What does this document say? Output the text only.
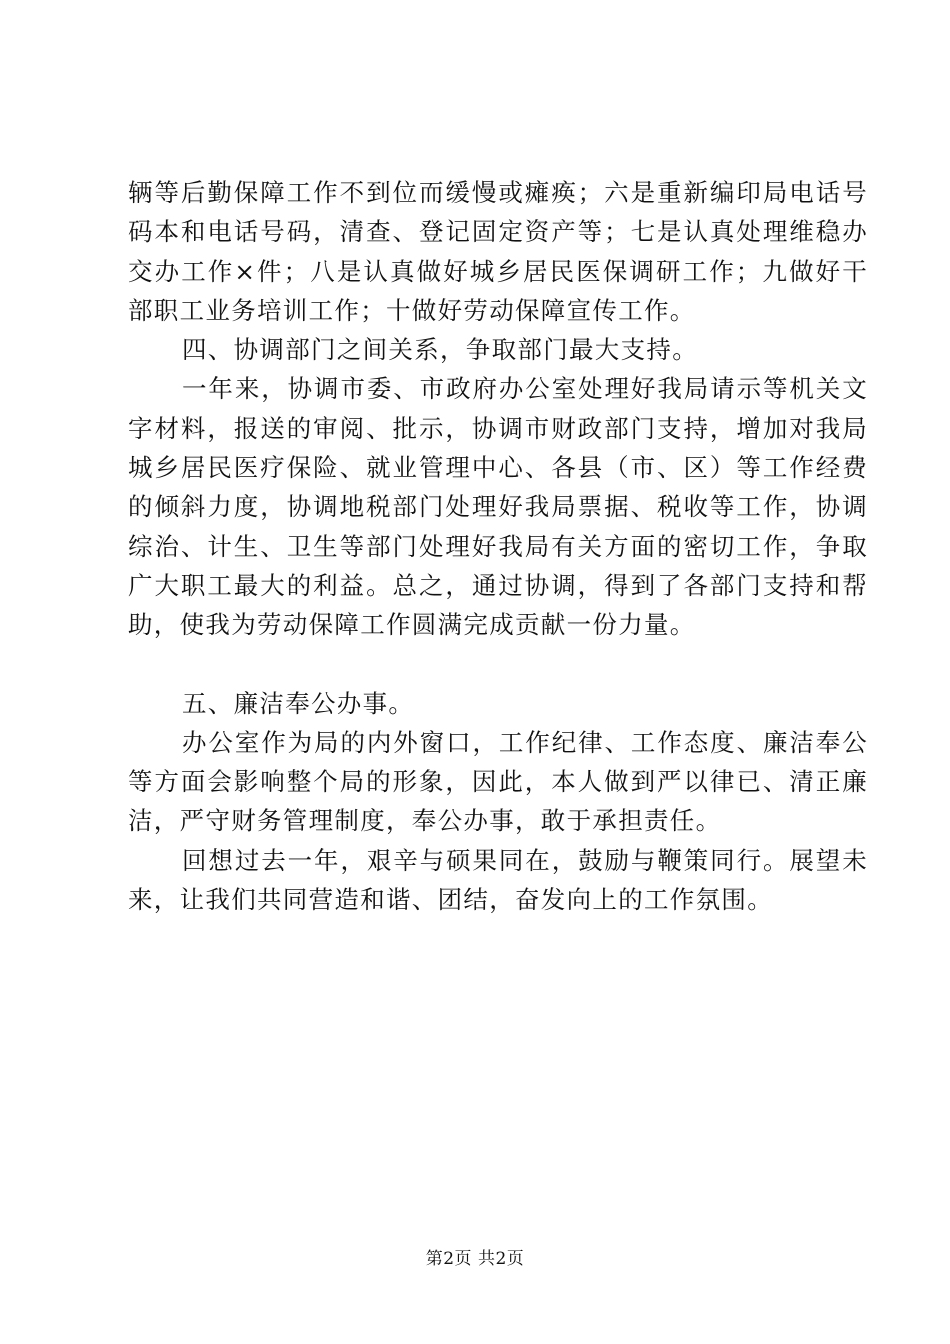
辆等后勤保障工作不到位而缓慢或瘫痪；六是重新编印局电话号码本和电话号码，清查、登记固定资产等；七是认真处理维稳办交办工作×件；八是认真做好城乡居民医保调研工作；九做好干部职工业务培训工作；十做好劳动保障宣传工作。

四、协调部门之间关系，争取部门最大支持。

一年来，协调市委、市政府办公室处理好我局请示等机关文字材料，报送的审阅、批示，协调市财政部门支持，增加对我局城乡居民医疗保险、就业管理中心、各县（市、区）等工作经费的倾斜力度，协调地税部门处理好我局票据、税收等工作，协调综治、计生、卫生等部门处理好我局有关方面的密切工作，争取广大职工最大的利益。总之，通过协调，得到了各部门支持和帮助，使我为劳动保障工作圆满完成贡献一份力量。

五、廉洁奉公办事。

办公室作为局的内外窗口，工作纪律、工作态度、廉洁奉公等方面会影响整个局的形象，因此，本人做到严以律已、清正廉洁，严守财务管理制度，奉公办事，敢于承担责任。

回想过去一年，艰辛与硕果同在，鼓励与鞭策同行。展望未来，让我们共同营造和谐、团结，奋发向上的工作氛围。

第2页 共2页
